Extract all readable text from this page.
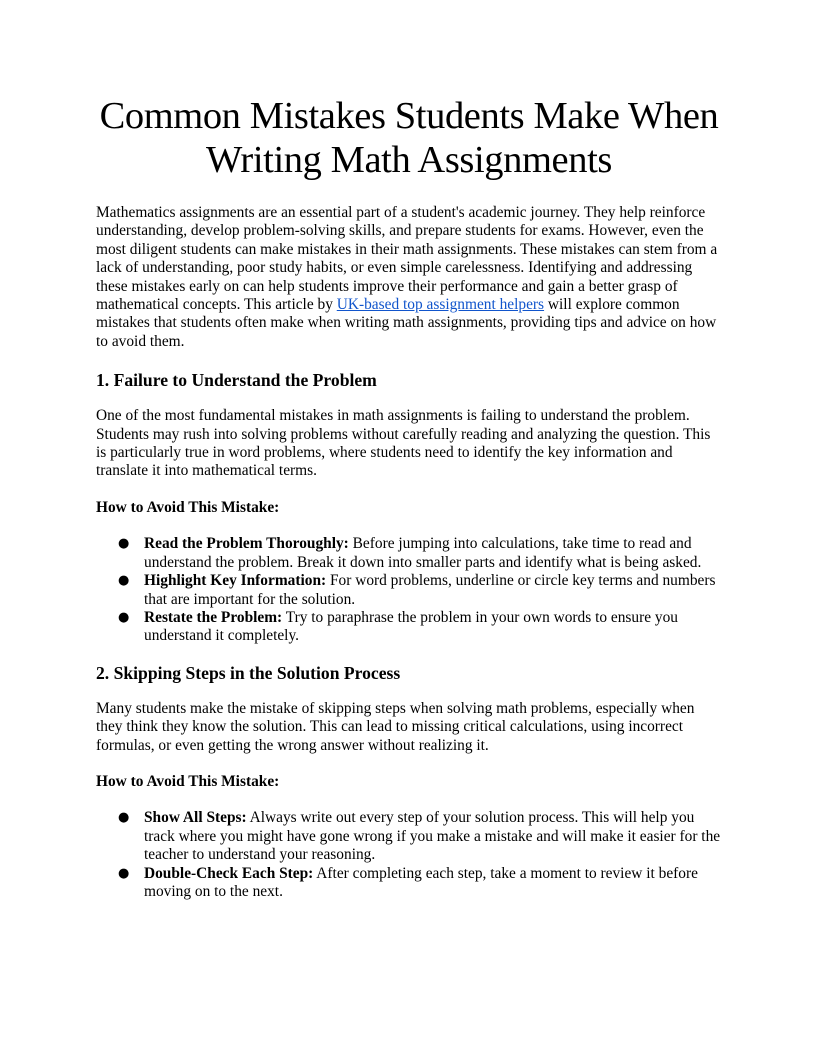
Common Mistakes Students Make When
Writing Math Assignments

Mathematics assignments are an essential part of a student's academic journey. They help reinforce understanding, develop problem-solving skills, and prepare students for exams. However, even the most diligent students can make mistakes in their math assignments. These mistakes can stem from a lack of understanding, poor study habits, or even simple carelessness. Identifying and addressing these mistakes early on can help students improve their performance and gain a better grasp of mathematical concepts. This article by UK-based top assignment helpers will explore common mistakes that students often make when writing math assignments, providing tips and advice on how to avoid them.

1. Failure to Understand the Problem

One of the most fundamental mistakes in math assignments is failing to understand the problem. Students may rush into solving problems without carefully reading and analyzing the question. This is particularly true in word problems, where students need to identify the key information and translate it into mathematical terms.

How to Avoid This Mistake:
● Read the Problem Thoroughly: Before jumping into calculations, take time to read and understand the problem. Break it down into smaller parts and identify what is being asked.
● Highlight Key Information: For word problems, underline or circle key terms and numbers that are important for the solution.
● Restate the Problem: Try to paraphrase the problem in your own words to ensure you understand it completely.
2. Skipping Steps in the Solution Process

Many students make the mistake of skipping steps when solving math problems, especially when they think they know the solution. This can lead to missing critical calculations, using incorrect formulas, or even getting the wrong answer without realizing it.

How to Avoid This Mistake:
● Show All Steps: Always write out every step of your solution process. This will help you track where you might have gone wrong if you make a mistake and will make it easier for the teacher to understand your reasoning.
● Double-Check Each Step: After completing each step, take a moment to review it before moving on to the next.
